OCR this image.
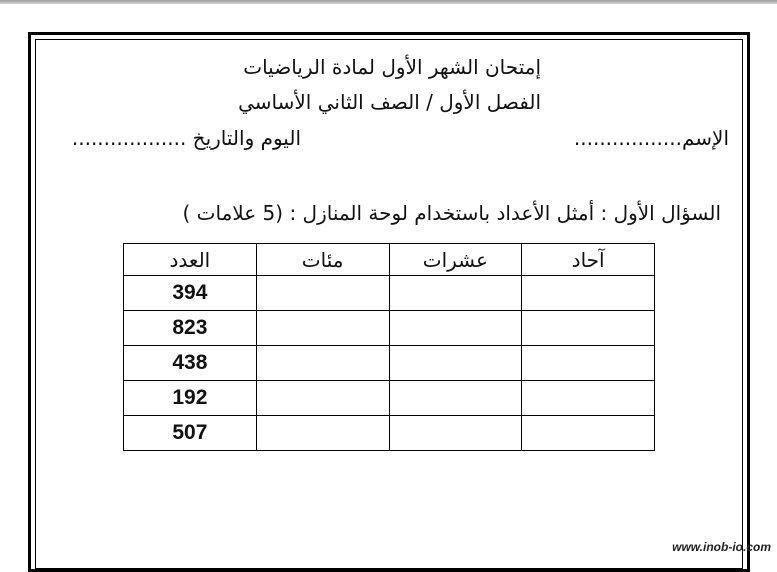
إمتحان الشهر الأول لمادة الرياضيات
الفصل الأول / الصف الثاني الأساسي
الإسم.................
اليوم والتاريخ ..................
السؤال الأول : أمثل الأعداد باستخدام لوحة المنازل : (5 علامات )
العدد	مئات	عشرات	آحاد
394			
823			
438			
192			
507			
www.inob-io.com
